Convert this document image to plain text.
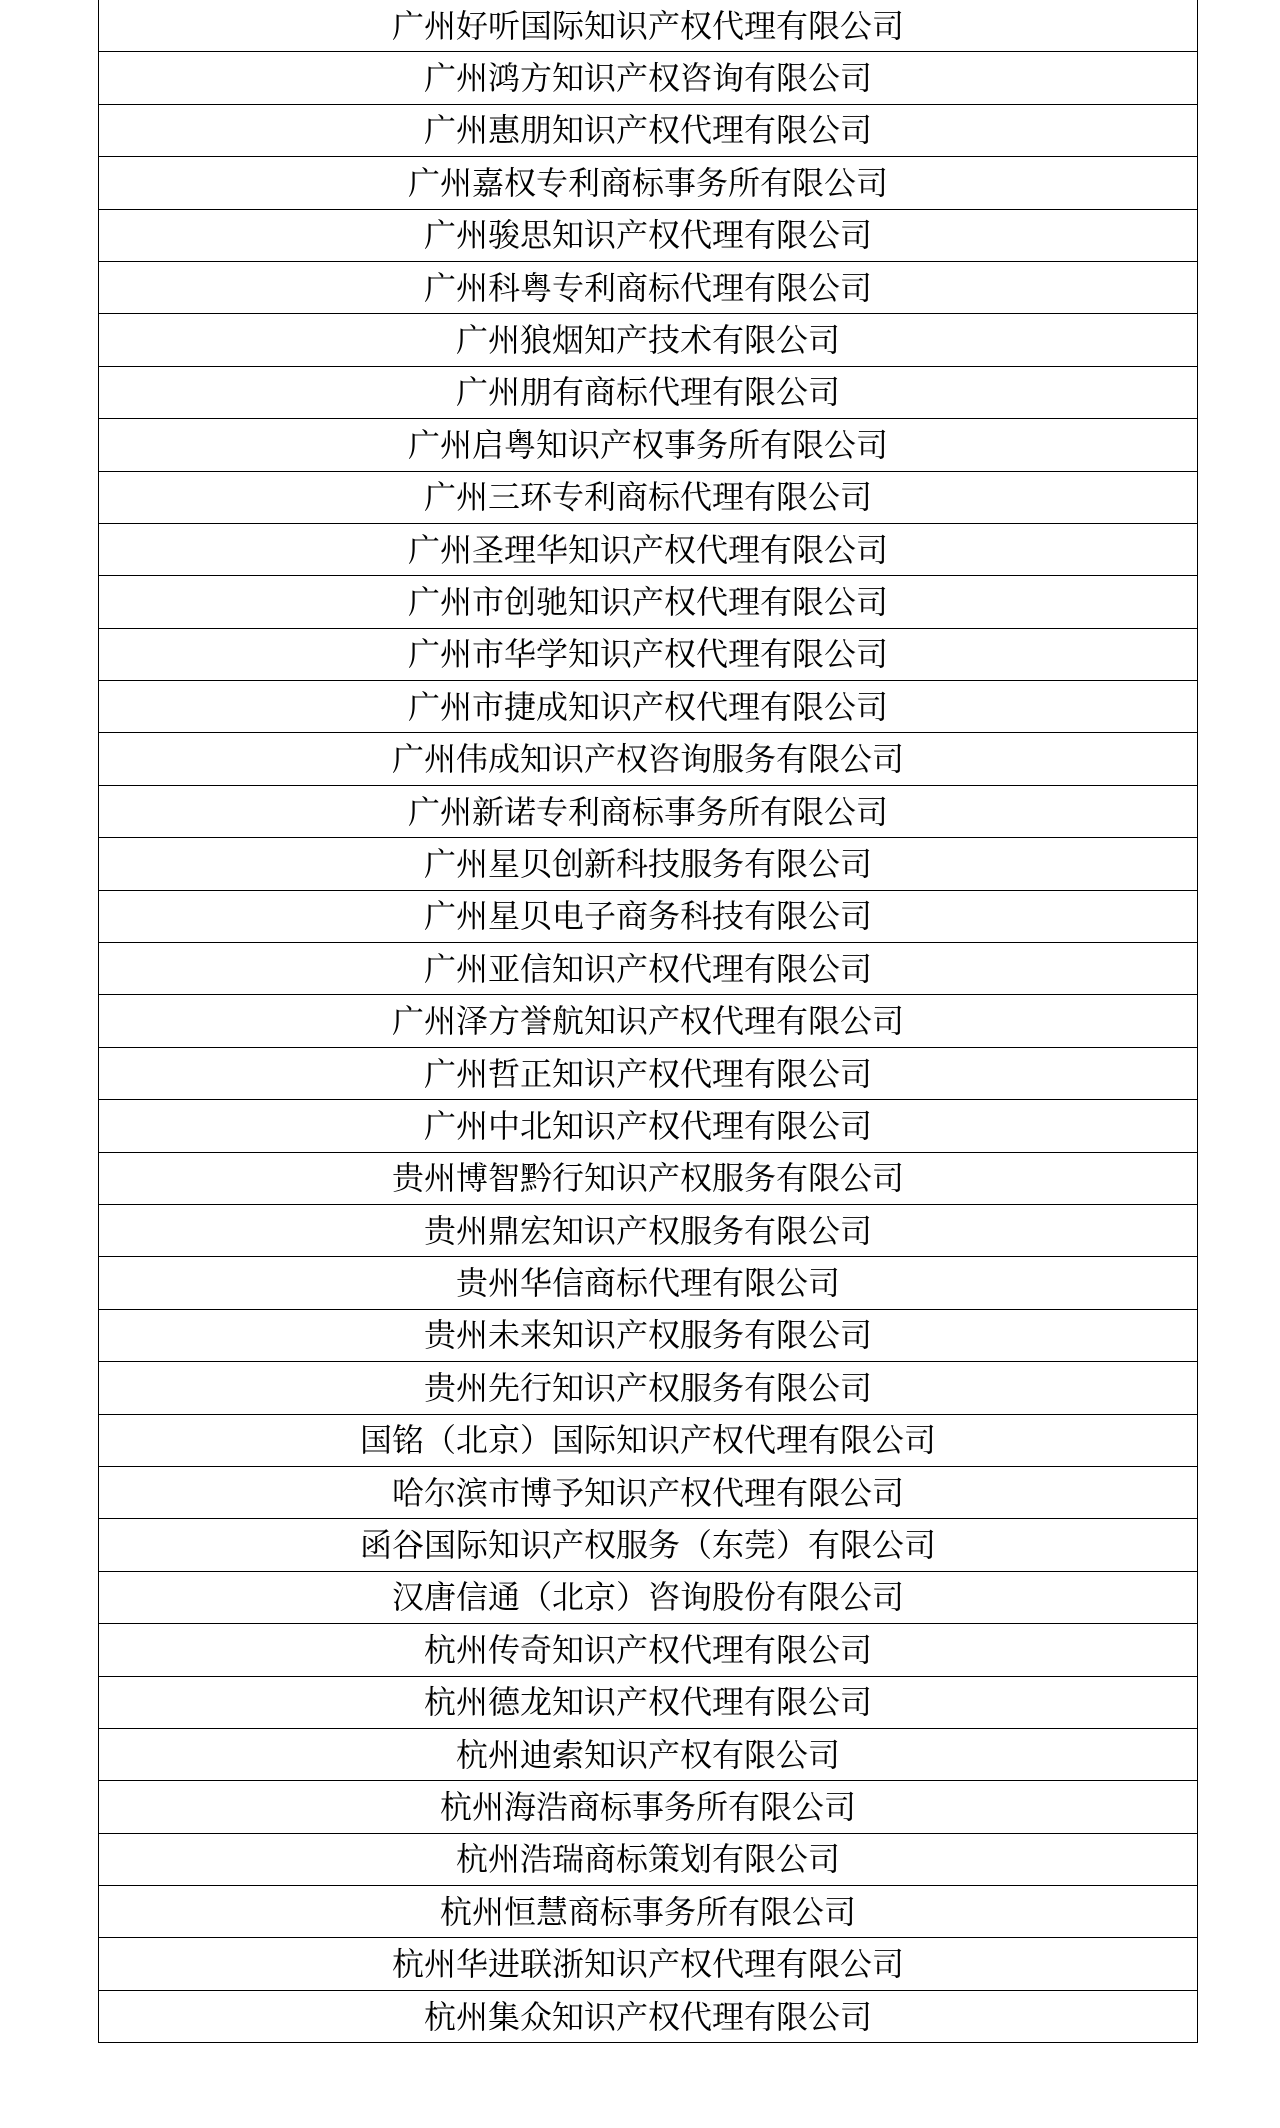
广州好听国际知识产权代理有限公司
广州鸿方知识产权咨询有限公司
广州惠朋知识产权代理有限公司
广州嘉权专利商标事务所有限公司
广州骏思知识产权代理有限公司
广州科粤专利商标代理有限公司
广州狼烟知产技术有限公司
广州朋有商标代理有限公司
广州启粤知识产权事务所有限公司
广州三环专利商标代理有限公司
广州圣理华知识产权代理有限公司
广州市创驰知识产权代理有限公司
广州市华学知识产权代理有限公司
广州市捷成知识产权代理有限公司
广州伟成知识产权咨询服务有限公司
广州新诺专利商标事务所有限公司
广州星贝创新科技服务有限公司
广州星贝电子商务科技有限公司
广州亚信知识产权代理有限公司
广州泽方誉航知识产权代理有限公司
广州哲正知识产权代理有限公司
广州中北知识产权代理有限公司
贵州博智黔行知识产权服务有限公司
贵州鼎宏知识产权服务有限公司
贵州华信商标代理有限公司
贵州未来知识产权服务有限公司
贵州先行知识产权服务有限公司
国铭（北京）国际知识产权代理有限公司
哈尔滨市博予知识产权代理有限公司
函谷国际知识产权服务（东莞）有限公司
汉唐信通（北京）咨询股份有限公司
杭州传奇知识产权代理有限公司
杭州德龙知识产权代理有限公司
杭州迪索知识产权有限公司
杭州海浩商标事务所有限公司
杭州浩瑞商标策划有限公司
杭州恒慧商标事务所有限公司
杭州华进联浙知识产权代理有限公司
杭州集众知识产权代理有限公司
